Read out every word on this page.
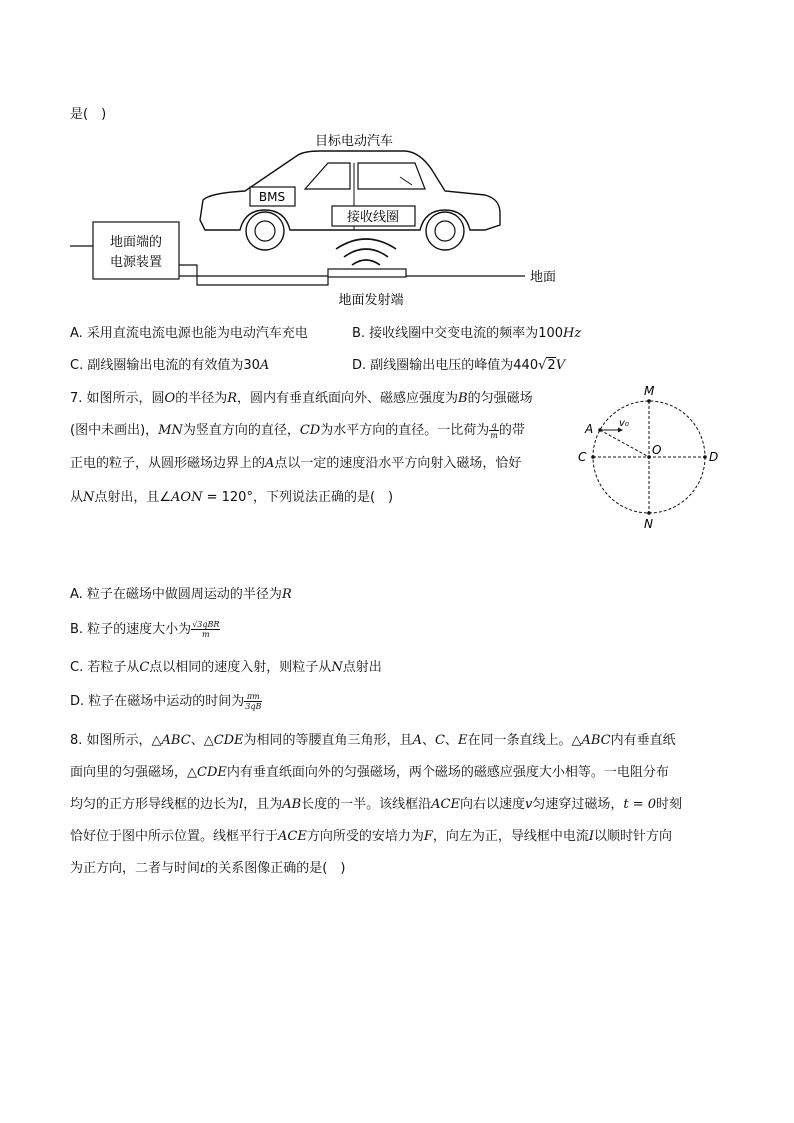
是(　)
目标电动汽车
BMS
接收线圈
地面端的
电源装置
地面
地面发射端
A. 采用直流电流电源也能为电动汽车充电	B. 接收线圈中交变电流的频率为100Hz
C. 副线圈输出电流的有效值为30A	D. 副线圈输出电压的峰值为440√2V
7. 如图所示，圆O的半径为R，圆内有垂直纸面向外、磁感应强度为B的匀强磁场
(图中未画出)，MN为竖直方向的直径，CD为水平方向的直径。一比荷为 $\frac{q}{m}$ 的带
正电的粒子，从圆形磁场边界上的A点以一定的速度沿水平方向射入磁场，恰好
从N点射出，且∠AON = 120°，下列说法正确的是(　)
M
N
A
C	D
O
v₀
A. 粒子在磁场中做圆周运动的半径为R
B. 粒子的速度大小为 $\frac{\text{√3qBR}}{m}$
C. 若粒子从C点以相同的速度入射，则粒子从N点射出
D. 粒子在磁场中运动的时间为 $\frac{\pi m}{3qB}$
8. 如图所示，△ABC、△CDE为相同的等腰直角三角形，且A、C、E在同一条直线上。△ABC内有垂直纸
面向里的匀强磁场，△CDE内有垂直纸面向外的匀强磁场，两个磁场的磁感应强度大小相等。一电阻分布
均匀的正方形导线框的边长为l，且为AB长度的一半。该线框沿ACE向右以速度v匀速穿过磁场，t = 0时刻
恰好位于图中所示位置。线框平行于ACE方向所受的安培力为F，向左为正，导线框中电流I以顺时针方向
为正方向，二者与时间t的关系图像正确的是(　)
